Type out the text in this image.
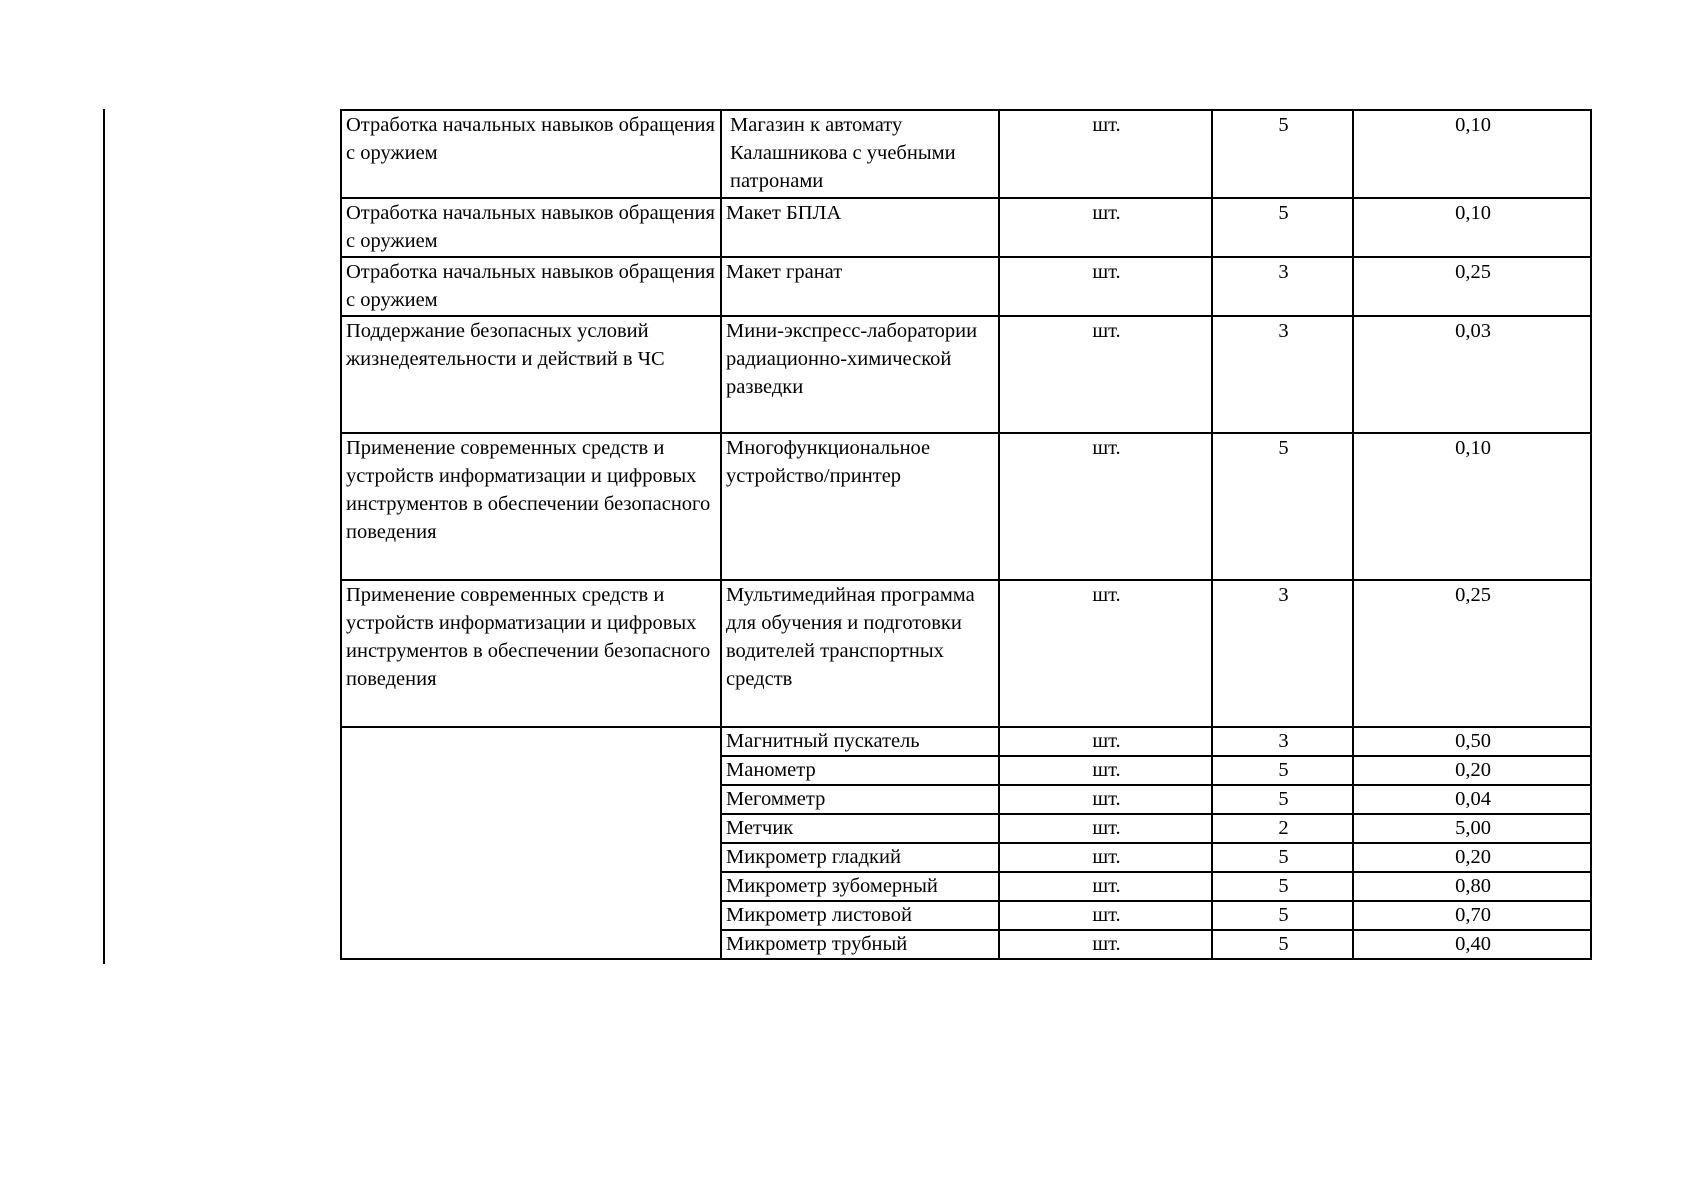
Отработка начальных навыков обращения с оружием	Магазин к автомату Калашникова с учебными патронами	шт.	5	0,10
Отработка начальных навыков обращения с оружием	Макет БПЛА	шт.	5	0,10
Отработка начальных навыков обращения с оружием	Макет гранат	шт.	3	0,25
Поддержание безопасных условий жизнедеятельности и действий в ЧС	Мини-экспресс-лаборатории радиационно-химической разведки	шт.	3	0,03
Применение современных средств и устройств информатизации и цифровых инструментов в обеспечении безопасного поведения	Многофункциональное устройство/принтер	шт.	5	0,10
Применение современных средств и устройств информатизации и цифровых инструментов в обеспечении безопасного поведения	Мультимедийная программа для обучения и подготовки водителей транспортных средств	шт.	3	0,25
	Магнитный пускатель	шт.	3	0,50
	Манометр	шт.	5	0,20
	Мегомметр	шт.	5	0,04
	Метчик	шт.	2	5,00
	Микрометр гладкий	шт.	5	0,20
	Микрометр зубомерный	шт.	5	0,80
	Микрометр листовой	шт.	5	0,70
	Микрометр трубный	шт.	5	0,40
